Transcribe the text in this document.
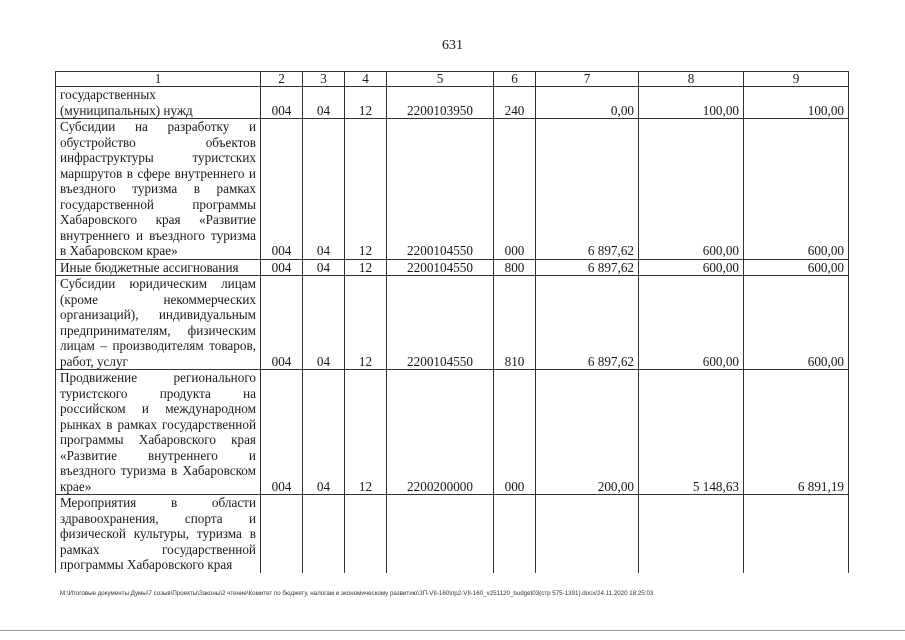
631
1	2	3	4	5	6	7	8	9
государственных (муниципальных) нужд	004	04	12	2200103950	240	0,00	100,00	100,00
Субсидии на разработку и обустройство объектов инфраструктуры туристских маршрутов в сфере внутреннего и въездного туризма в рамках государственной программы Хабаровского края «Развитие внутреннего и въездного туризма в Хабаровском крае»	004	04	12	2200104550	000	6 897,62	600,00	600,00
Иные бюджетные ассигнования	004	04	12	2200104550	800	6 897,62	600,00	600,00
Субсидии юридическим лицам (кроме некоммерческих организаций), индивидуальным предпринимателям, физическим лицам – производителям товаров, работ, услуг	004	04	12	2200104550	810	6 897,62	600,00	600,00
Продвижение регионального туристского продукта на российском и международном рынках в рамках государственной программы Хабаровского края «Развитие внутреннего и въездного туризма в Хабаровском крае»	004	04	12	2200200000	000	200,00	5 148,63	6 891,19
Мероприятия в области здравоохранения, спорта и физической культуры, туризма в рамках государственной программы Хабаровского края								
M:\Итоговые документы Думы\7 созыв\Проекты\Законы\2 чтение\Комитет по бюджету, налогам и экономическому развитию\ЗП-VII-160\пр2-VII-160_v251120_budget03(стр 575-1391).docx/24.11.2020 18:25:03
